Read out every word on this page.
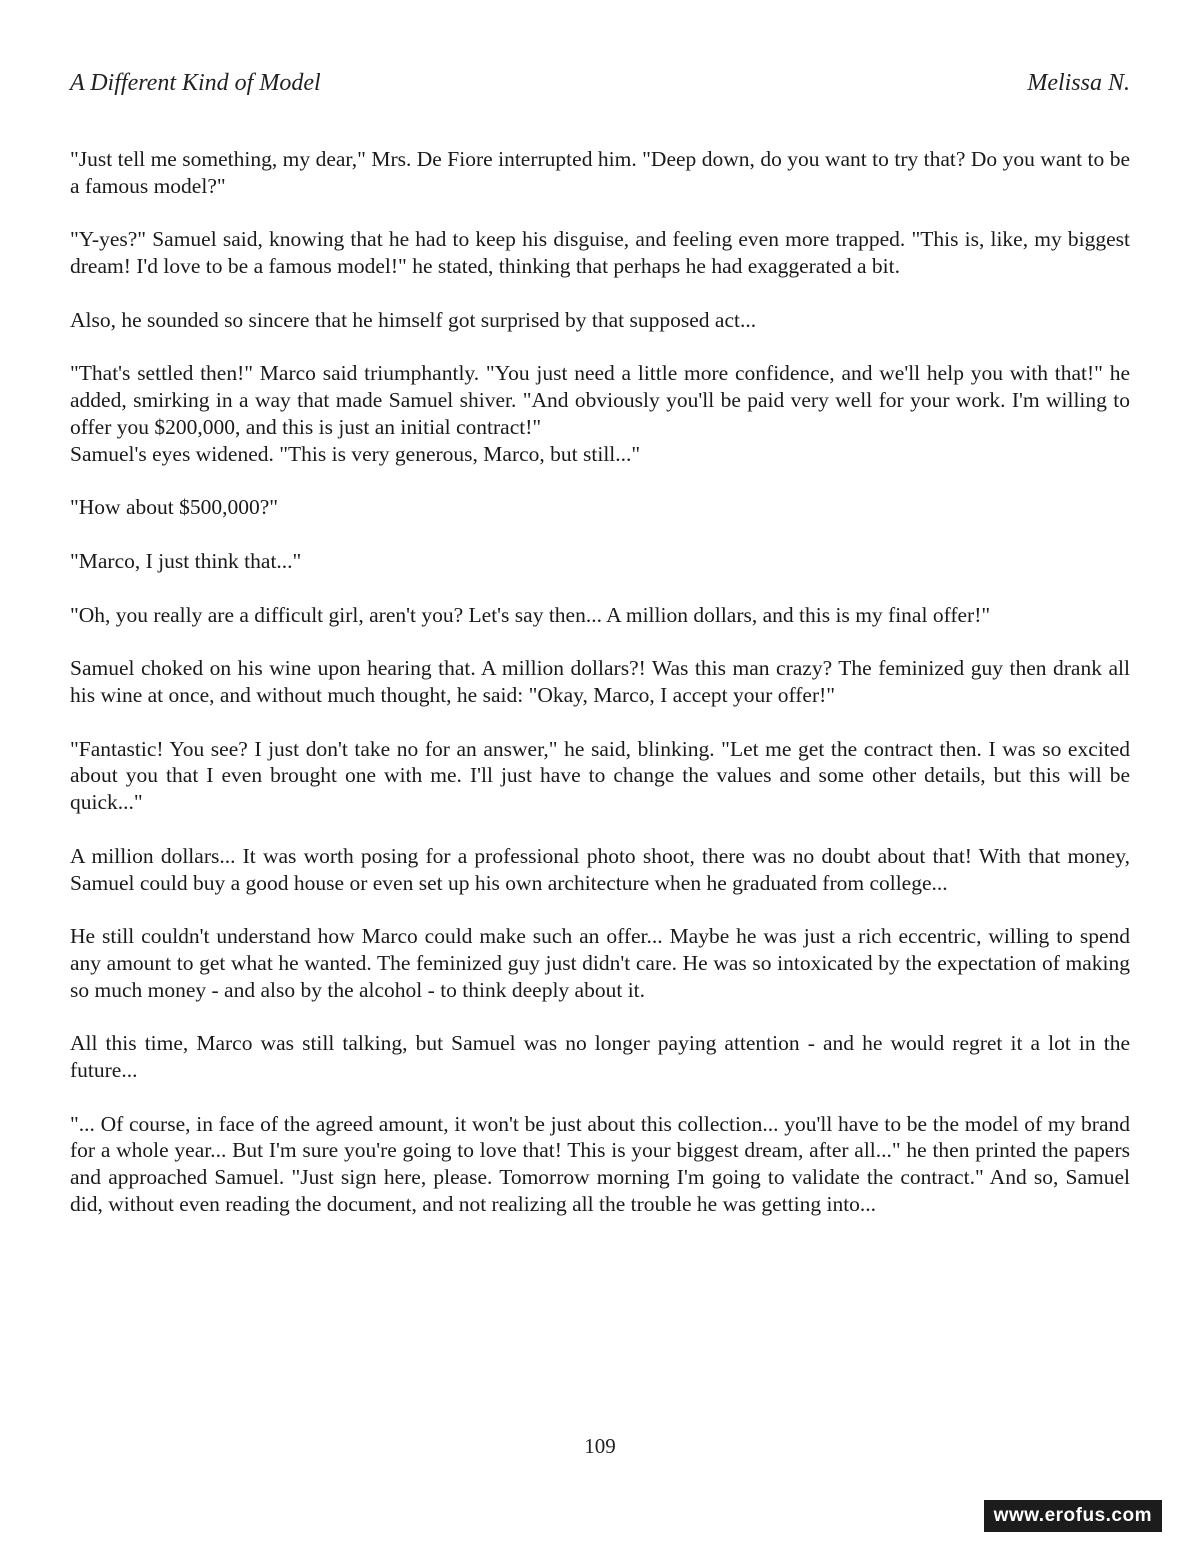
A Different Kind of Model	Melissa N.

"Just tell me something, my dear," Mrs. De Fiore interrupted him. "Deep down, do you want to try that? Do you want to be a famous model?"

"Y-yes?" Samuel said, knowing that he had to keep his disguise, and feeling even more trapped. "This is, like, my biggest dream! I'd love to be a famous model!" he stated, thinking that perhaps he had exaggerated a bit.

Also, he sounded so sincere that he himself got surprised by that supposed act...

"That's settled then!" Marco said triumphantly. "You just need a little more confidence, and we'll help you with that!" he added, smirking in a way that made Samuel shiver. "And obviously you'll be paid very well for your work. I'm willing to offer you $200,000, and this is just an initial contract!"

Samuel's eyes widened. "This is very generous, Marco, but still..."

"How about $500,000?"

"Marco, I just think that..."

"Oh, you really are a difficult girl, aren't you? Let's say then... A million dollars, and this is my final offer!"

Samuel choked on his wine upon hearing that. A million dollars?! Was this man crazy? The feminized guy then drank all his wine at once, and without much thought, he said: "Okay, Marco, I accept your offer!"

"Fantastic! You see? I just don't take no for an answer," he said, blinking. "Let me get the contract then. I was so excited about you that I even brought one with me. I'll just have to change the values and some other details, but this will be quick..."

A million dollars... It was worth posing for a professional photo shoot, there was no doubt about that! With that money, Samuel could buy a good house or even set up his own architecture when he graduated from college...

He still couldn't understand how Marco could make such an offer... Maybe he was just a rich eccentric, willing to spend any amount to get what he wanted. The feminized guy just didn't care. He was so intoxicated by the expectation of making so much money - and also by the alcohol - to think deeply about it.

All this time, Marco was still talking, but Samuel was no longer paying attention - and he would regret it a lot in the future...

"... Of course, in face of the agreed amount, it won't be just about this collection... you'll have to be the model of my brand for a whole year... But I'm sure you're going to love that! This is your biggest dream, after all..." he then printed the papers and approached Samuel. "Just sign here, please. Tomorrow morning I'm going to validate the contract." And so, Samuel did, without even reading the document, and not realizing all the trouble he was getting into...

109
www.erofus.com
